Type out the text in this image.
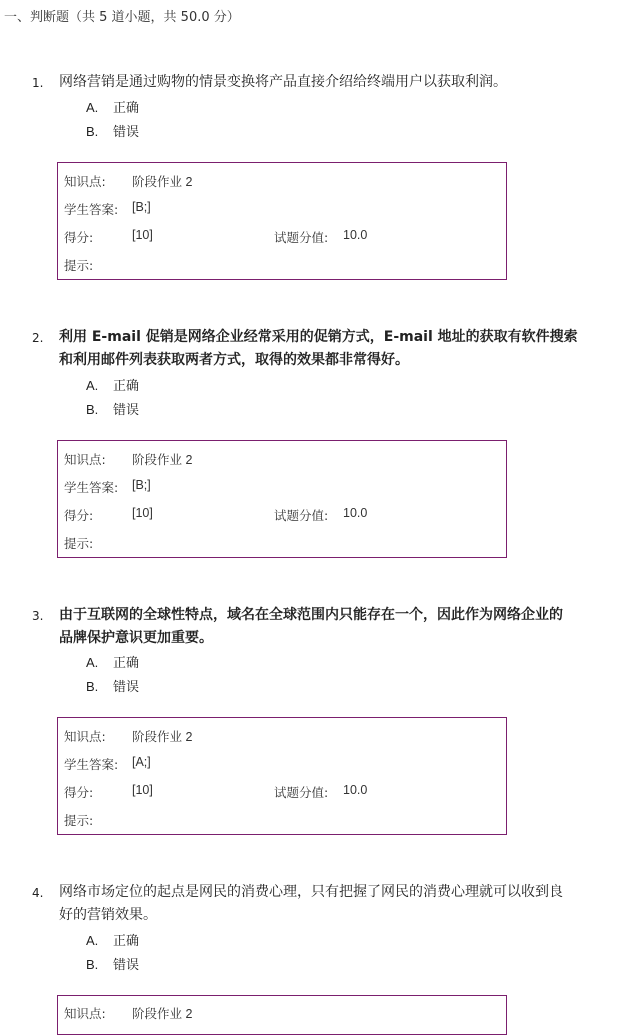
一、判断题（共 5 道小题，共 50.0 分）
1. 网络营销是通过购物的情景变换将产品直接介绍给终端用户以获取利润。
A. 正确
B. 错误
知识点: 阶段作业 2
学生答案: [B;]
得分:	[10]	试题分值: 10.0
提示:
2. 利用 E-mail 促销是网络企业经常采用的促销方式，E-mail 地址的获取有软件搜索
和利用邮件列表获取两者方式，取得的效果都非常得好。
A. 正确
B. 错误
知识点: 阶段作业 2
学生答案: [B;]
得分:	[10]	试题分值: 10.0
提示:
3. 由于互联网的全球性特点，域名在全球范围内只能存在一个，因此作为网络企业的
品牌保护意识更加重要。
A. 正确
B. 错误
知识点: 阶段作业 2
学生答案: [A;]
得分:	[10]	试题分值: 10.0
提示:
4. 网络市场定位的起点是网民的消费心理，只有把握了网民的消费心理就可以收到良
好的营销效果。
A. 正确
B. 错误
知识点: 阶段作业 2
